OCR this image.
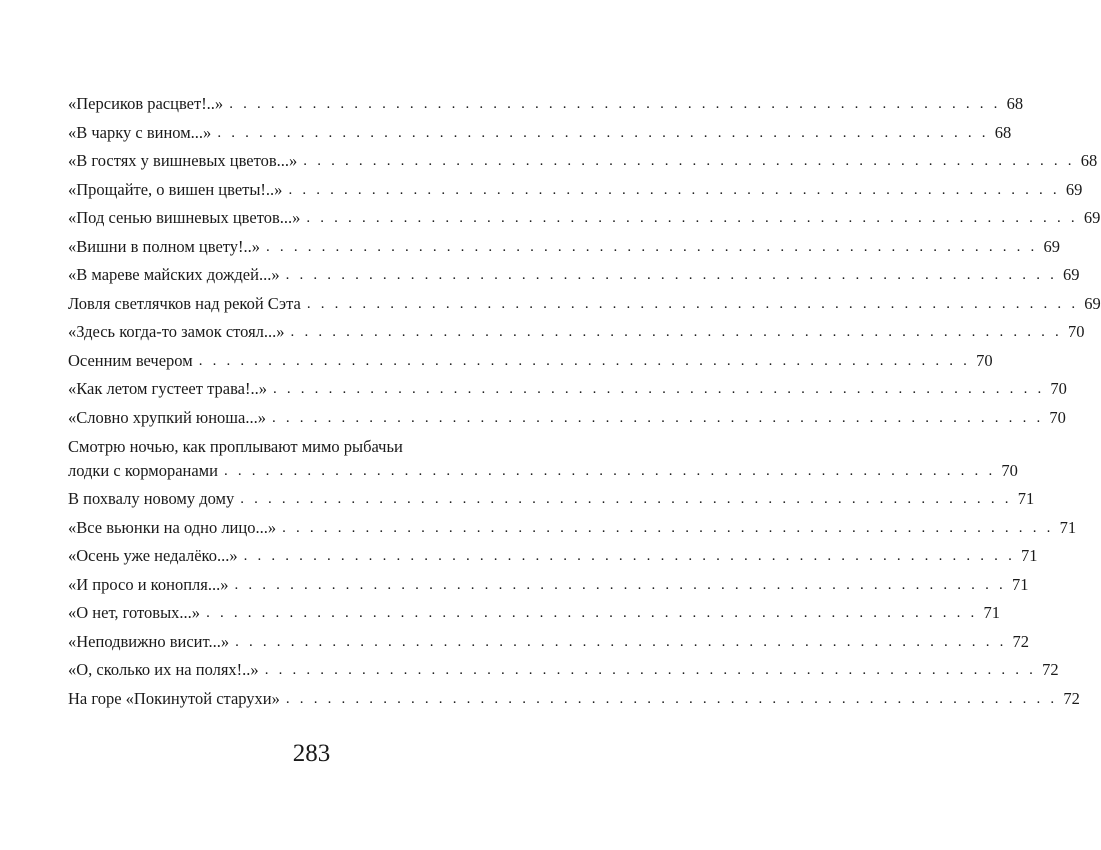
«Персиков расцвет!..» . . . . . . . . . . . . . . . . . . . . . . . . . . . . . . . . . . . . . . . . . . . . . . . . . . . . . . . . 68
«В чарку с вином...» . . . . . . . . . . . . . . . . . . . . . . . . . . . . . . . . . . . . . . . . . . . . . . . . . . . . . . . . 68
«В гостях у вишневых цветов...» . . . . . . . . . . . . . . . . . . . . . . . . . . . . . . . . . . . . . . . . . . . . . . . . . . . . . . . . 68
«Прощайте, о вишен цветы!..» . . . . . . . . . . . . . . . . . . . . . . . . . . . . . . . . . . . . . . . . . . . . . . . . . . . . . . . . 69
«Под сенью вишневых цветов...» . . . . . . . . . . . . . . . . . . . . . . . . . . . . . . . . . . . . . . . . . . . . . . . . . . . . . . . . 69
«Вишни в полном цвету!..» . . . . . . . . . . . . . . . . . . . . . . . . . . . . . . . . . . . . . . . . . . . . . . . . . . . . . . . . 69
«В мареве майских дождей...» . . . . . . . . . . . . . . . . . . . . . . . . . . . . . . . . . . . . . . . . . . . . . . . . . . . . . . . . 69
Ловля светлячков над рекой Сэта . . . . . . . . . . . . . . . . . . . . . . . . . . . . . . . . . . . . . . . . . . . . . . . . . . . . . . . . 69
«Здесь когда-то замок стоял...» . . . . . . . . . . . . . . . . . . . . . . . . . . . . . . . . . . . . . . . . . . . . . . . . . . . . . . . . 70
Осенним вечером . . . . . . . . . . . . . . . . . . . . . . . . . . . . . . . . . . . . . . . . . . . . . . . . . . . . . . . . 70
«Как летом густеет трава!..» . . . . . . . . . . . . . . . . . . . . . . . . . . . . . . . . . . . . . . . . . . . . . . . . . . . . . . . . 70
«Словно хрупкий юноша...» . . . . . . . . . . . . . . . . . . . . . . . . . . . . . . . . . . . . . . . . . . . . . . . . . . . . . . . . 70
Смотрю ночью, как проплывают мимо рыбачьи
лодки с корморанами . . . . . . . . . . . . . . . . . . . . . . . . . . . . . . . . . . . . . . . . . . . . . . . . . . . . . . . . 70
В похвалу новому дому . . . . . . . . . . . . . . . . . . . . . . . . . . . . . . . . . . . . . . . . . . . . . . . . . . . . . . . . 71
«Все вьюнки на одно лицо...» . . . . . . . . . . . . . . . . . . . . . . . . . . . . . . . . . . . . . . . . . . . . . . . . . . . . . . . . 71
«Осень уже недалёко...» . . . . . . . . . . . . . . . . . . . . . . . . . . . . . . . . . . . . . . . . . . . . . . . . . . . . . . . . 71
«И просо и конопля...» . . . . . . . . . . . . . . . . . . . . . . . . . . . . . . . . . . . . . . . . . . . . . . . . . . . . . . . . 71
«О нет, готовых...» . . . . . . . . . . . . . . . . . . . . . . . . . . . . . . . . . . . . . . . . . . . . . . . . . . . . . . . . 71
«Неподвижно висит...» . . . . . . . . . . . . . . . . . . . . . . . . . . . . . . . . . . . . . . . . . . . . . . . . . . . . . . . . 72
«О, сколько их на полях!..» . . . . . . . . . . . . . . . . . . . . . . . . . . . . . . . . . . . . . . . . . . . . . . . . . . . . . . . . 72
На горе «Покинутой старухи» . . . . . . . . . . . . . . . . . . . . . . . . . . . . . . . . . . . . . . . . . . . . . . . . . . . . . . . . 72
283
